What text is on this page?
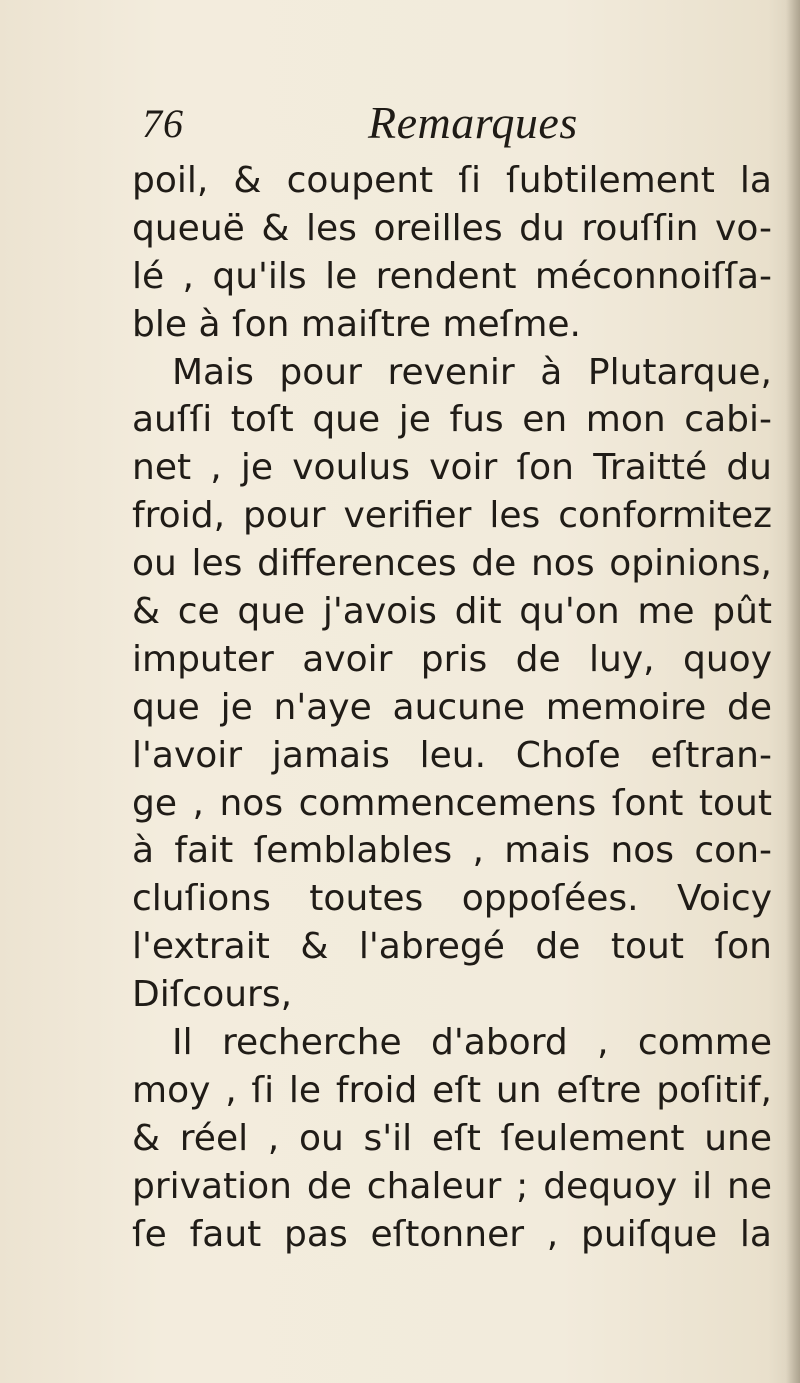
76	Remarques
poil, & coupent ſi ſubtilement la
queuë & les oreilles du rouſſin vo-
lé , qu'ils le rendent méconnoiſſa-
ble à ſon maiſtre meſme.
Mais pour revenir à Plutarque,
auſſi toſt que je fus en mon cabi-
net , je voulus voir ſon Traitté du
froid, pour verifier les conformitez
ou les differences de nos opinions,
& ce que j'avois dit qu'on me pût
imputer avoir pris de luy, quoy
que je n'aye aucune memoire de
l'avoir jamais leu. Choſe eſtran-
ge , nos commencemens ſont tout
à fait ſemblables , mais nos con-
cluſions toutes oppoſées. Voicy
l'extrait & l'abregé de tout ſon
Diſcours,
Il recherche d'abord , comme
moy , ſi le froid eſt un eſtre poſitif,
& réel , ou s'il eſt ſeulement une
privation de chaleur ; dequoy il ne
ſe faut pas eſtonner , puiſque la
